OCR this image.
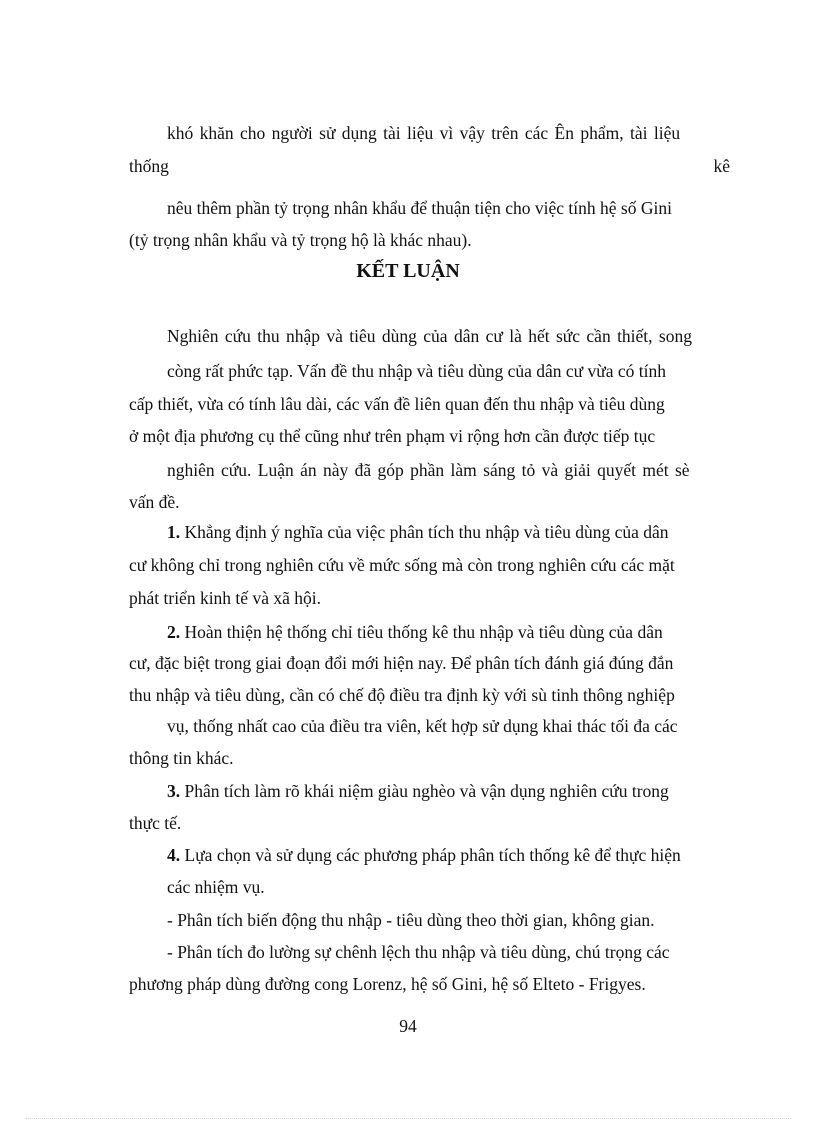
khó khăn cho người sử dụng tài liệu vì vậy trên các Ên phẩm, tài liệu

thống	kê

nêu thêm phần tỷ trọng nhân khẩu để thuận tiện cho việc tính hệ số Gini

(tỷ trọng nhân khẩu và tỷ trọng hộ là khác nhau).

KẾT LUẬN

Nghiên cứu thu nhập và tiêu dùng của dân cư là hết sức cần thiết, song

còng rất phức tạp. Vấn đề thu nhập và tiêu dùng của dân cư vừa có tính

cấp thiết, vừa có tính lâu dài, các vấn đề liên quan đến thu nhập và tiêu dùng

ở một địa phương cụ thể cũng như trên phạm vi rộng hơn cần được tiếp tục

nghiên cứu. Luận án này đã góp phần làm sáng tỏ và giải quyết mét sè

vấn đề.

1. Khẳng định ý nghĩa của việc phân tích thu nhập và tiêu dùng của dân

cư không chỉ trong nghiên cứu về mức sống mà còn trong nghiên cứu các mặt

phát triển kinh tế và xã hội.

2. Hoàn thiện hệ thống chỉ tiêu thống kê thu nhập và tiêu dùng của dân

cư, đặc biệt trong giai đoạn đổi mới hiện nay. Để phân tích đánh giá đúng đắn

thu nhập và tiêu dùng, cần có chế độ điều tra định kỳ với sù tinh thông nghiệp

vụ, thống nhất cao của điều tra viên, kết hợp sử dụng khai thác tối đa các

thông tin khác.

3. Phân tích làm rõ khái niệm giàu nghèo và vận dụng nghiên cứu trong

thực tế.

4. Lựa chọn và sử dụng các phương pháp phân tích thống kê để thực hiện

các nhiệm vụ.

- Phân tích biến động thu nhập - tiêu dùng theo thời gian, không gian.

- Phân tích đo lường sự chênh lệch thu nhập và tiêu dùng, chú trọng các

phương pháp dùng đường cong Lorenz, hệ số Gini, hệ số Elteto - Frigyes.

94
